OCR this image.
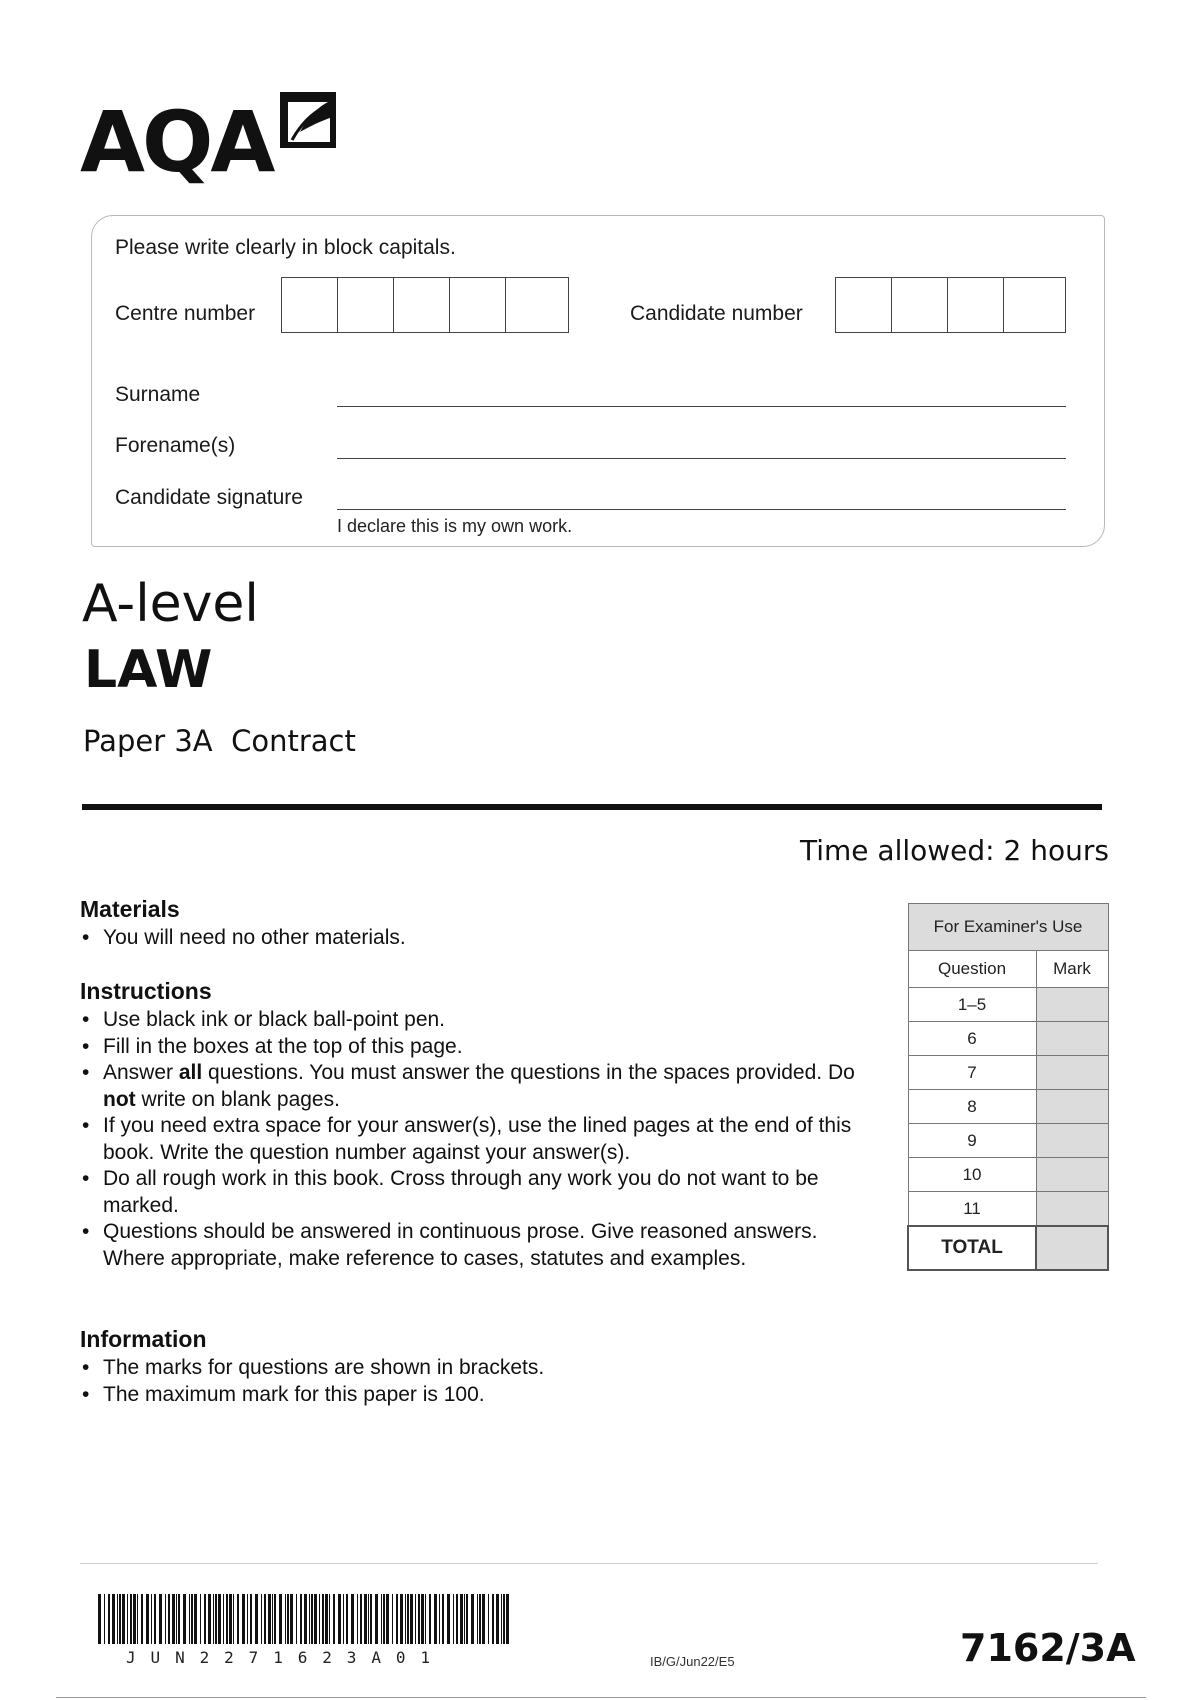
AQA
Please write clearly in block capitals.
Centre number	Candidate number
Surname
Forename(s)
Candidate signature
I declare this is my own work.
A-level
LAW
Paper 3A  Contract
Time allowed: 2 hours
Materials
• You will need no other materials.
Instructions
• Use black ink or black ball-point pen.
• Fill in the boxes at the top of this page.
• Answer all questions. You must answer the questions in the spaces provided. Do not write on blank pages.
• If you need extra space for your answer(s), use the lined pages at the end of this book. Write the question number against your answer(s).
• Do all rough work in this book. Cross through any work you do not want to be marked.
• Questions should be answered in continuous prose. Give reasoned answers. Where appropriate, make reference to cases, statutes and examples.
Information
• The marks for questions are shown in brackets.
• The maximum mark for this paper is 100.
For Examiner's Use	
Question	Mark
1–5	
6	
7	
8	
9	
10	
11	
TOTAL	
JUN2271623A01	IB/G/Jun22/E5	7162/3A
